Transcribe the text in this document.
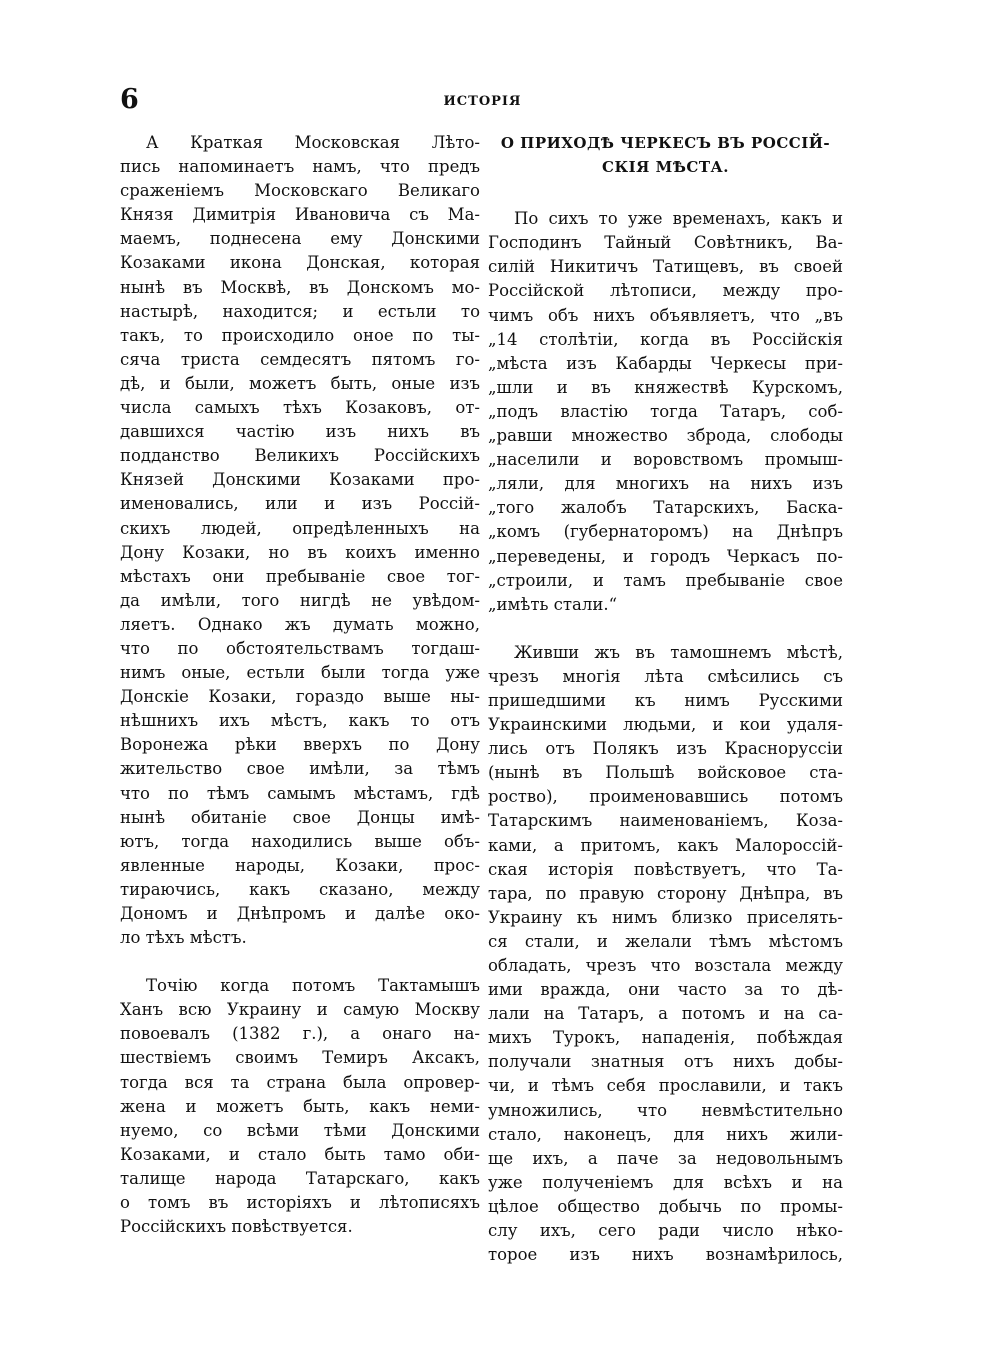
6	ИСТОРІЯ
А Краткая Московская Лѣто-
пись напоминаетъ намъ, что предъ
сраженіемъ Московскаго Великаго
Князя Димитрія Ивановича съ Ма-
маемъ, поднесена ему Донскими
Козаками икона Донская, которая
нынѣ въ Москвѣ, въ Донскомъ мо-
настырѣ, находится; и естьли то
такъ, то происходило оное по ты-
сяча триста семдесятъ пятомъ го-
дѣ, и были, можетъ быть, оные изъ
числа самыхъ тѣхъ Козаковъ, от-
давшихся частію изъ нихъ въ
подданство Великихъ Россійскихъ
Князей Донскими Козаками про-
именовались, или и изъ Россій-
скихъ людей, опредѣленныхъ на
Дону Козаки, но въ коихъ именно
мѣстахъ они пребываніе свое тог-
да имѣли, того нигдѣ не увѣдом-
ляетъ. Однако жъ думать можно,
что по обстоятельствамъ тогдаш-
нимъ оные, естьли были тогда уже
Донскіе Козаки, гораздо выше ны-
нѣшнихъ ихъ мѣстъ, какъ то отъ
Воронежа рѣки вверхъ по Дону
жительство свое имѣли, за тѣмъ
что по тѣмъ самымъ мѣстамъ, гдѣ
нынѣ обитаніе свое Донцы имѣ-
ютъ, тогда находились выше объ-
явленные народы, Козаки, прос-
тираючись, какъ сказано, между
Дономъ и Днѣпромъ и далѣе око-
ло тѣхъ мѣстъ.
Точію когда потомъ Тактамышъ
Ханъ всю Украину и самую Москву
повоевалъ (1382 г.), а онаго на-
шествіемъ своимъ Темиръ Аксакъ,
тогда вся та страна была опровер-
жена и можетъ быть, какъ неми-
нуемо, со всѣми тѣми Донскими
Козаками, и стало быть тамо оби-
талище народа Татарскаго, какъ
о томъ въ исторіяхъ и лѣтописяхъ
Россійскихъ повѣствуется.
О ПРИХОДѢ ЧЕРКЕСЪ ВЪ РОССІЙ-
СКІЯ МѢСТА.
По сихъ то уже временахъ, какъ и
Господинъ Тайный Совѣтникъ, Ва-
силій Никитичъ Татищевъ, въ своей
Россійской лѣтописи, между про-
чимъ объ нихъ объявляетъ, что „въ
„14 столѣтіи, когда въ Россійскія
„мѣста изъ Кабарды Черкесы при-
„шли и въ княжествѣ Курскомъ,
„подъ властію тогда Татаръ, соб-
„равши множество збродa, слободы
„населили и воровствомъ промыш-
„ляли, для многихъ на нихъ изъ
„того жалобъ Татарскихъ, Баска-
„комъ (губернаторомъ) на Днѣпръ
„переведены, и городъ Черкасъ по-
„строили, и тамъ пребываніе свое
„имѣть стали.“
Живши жъ въ тамошнемъ мѣстѣ,
чрезъ многія лѣта смѣсились съ
пришедшими къ нимъ Русскими
Украинскими людьми, и кои удаля-
лись отъ Полякъ изъ Красноруссіи
(нынѣ въ Польшѣ войсковое ста-
роство), проименовавшись потомъ
Татарскимъ наименованіемъ, Коза-
ками, а притомъ, какъ Малороссій-
ская исторія повѣствуетъ, что Та-
тара, по правую сторону Днѣпра, въ
Украину къ нимъ близко приселять-
ся стали, и желали тѣмъ мѣстомъ
обладать, чрезъ что возстала между
ими вражда, они часто за то дѣ-
лали на Татаръ, а потомъ и на са-
михъ Турокъ, нападенія, побѣждая
получали знатныя отъ нихъ добы-
чи, и тѣмъ себя прославили, и такъ
умножились, что невмѣстительно
стало, наконецъ, для нихъ жили-
ще ихъ, а паче за недовольнымъ
уже полученіемъ для всѣхъ и на
цѣлое общество добычь по промы-
слу ихъ, сего ради число нѣко-
торое изъ нихъ вознамѣрилось,
